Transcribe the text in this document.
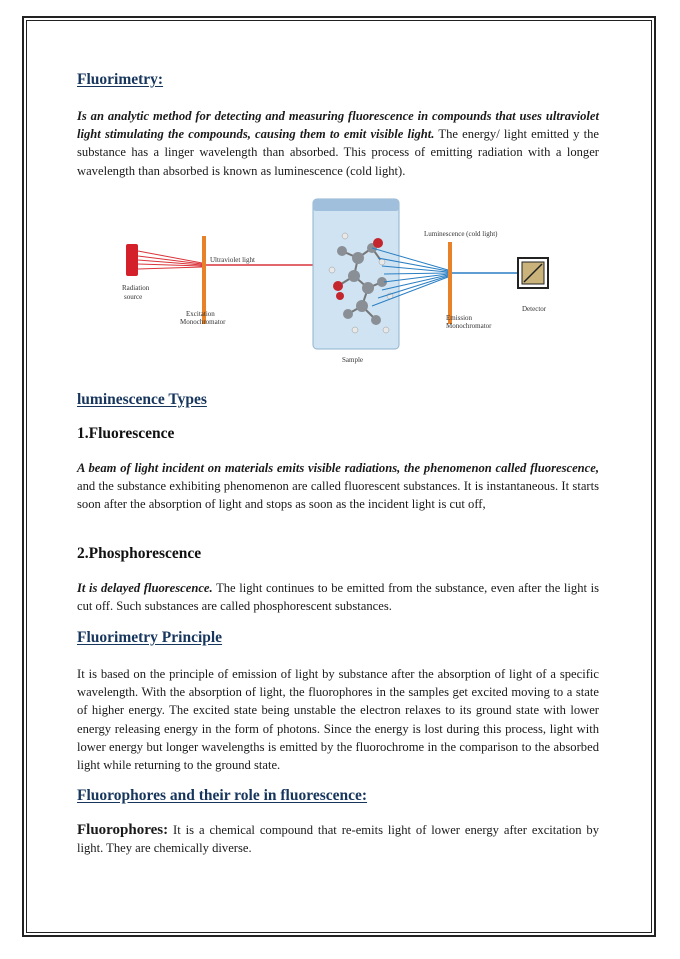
Fluorimetry:

Is an analytic method for detecting and measuring fluorescence in compounds that uses ultraviolet light stimulating the compounds, causing them to emit visible light. The energy/ light emitted y the substance has a linger wavelength than absorbed. This process of emitting radiation with a longer wavelength than absorbed is known as luminescence (cold light).

Radiation
source
Ultraviolet light
Excitation
Monochromator
Sample
Luminescence (cold light)
Emission
Monochromator
Detector
luminescence Types
1.Fluorescence

A beam of light incident on materials emits visible radiations, the phenomenon called fluorescence, and the substance exhibiting phenomenon are called fluorescent substances. It is instantaneous. It starts soon after the absorption of light and stops as soon as the incident light is cut off,

2.Phosphorescence

It is delayed fluorescence. The light continues to be emitted from the substance, even after the light is cut off. Such substances are called phosphorescent substances.

Fluorimetry Principle

It is based on the principle of emission of light by substance after the absorption of light of a specific wavelength. With the absorption of light, the fluorophores in the samples get excited moving to a state of higher energy. The excited state being unstable the electron relaxes to its ground state with lower energy releasing energy in the form of photons. Since the energy is lost during this process, light with lower energy but longer wavelengths is emitted by the fluorochrome in the comparison to the absorbed light while returning to the ground state.

Fluorophores and their role in fluorescence:

Fluorophores: It is a chemical compound that re-emits light of lower energy after excitation by light. They are chemically diverse.
